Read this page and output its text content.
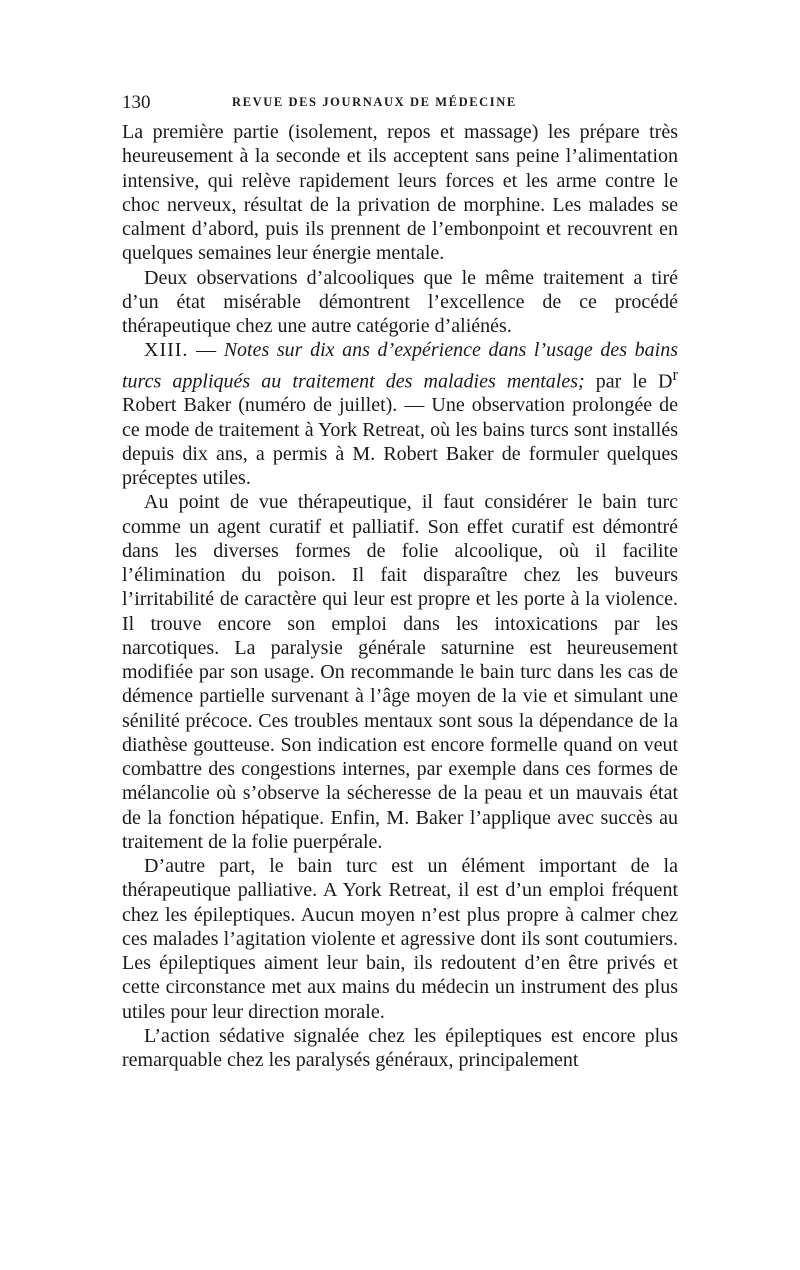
130	REVUE DES JOURNAUX DE MÉDECINE

La première partie (isolement, repos et massage) les prépare très heureusement à la seconde et ils acceptent sans peine l’alimentation intensive, qui relève rapidement leurs forces et les arme contre le choc nerveux, résultat de la privation de morphine. Les malades se calment d’abord, puis ils prennent de l’embonpoint et recouvrent en quelques semaines leur énergie mentale.

Deux observations d’alcooliques que le même traitement a tiré d’un état misérable démontrent l’excellence de ce procédé thérapeutique chez une autre catégorie d’aliénés.

XIII. — Notes sur dix ans d’expérience dans l’usage des bains turcs appliqués au traitement des maladies mentales; par le $D^r$ Robert Baker (numéro de juillet). — Une observation prolongée de ce mode de traitement à York Retreat, où les bains turcs sont installés depuis dix ans, a permis à M. Robert Baker de formuler quelques préceptes utiles.

Au point de vue thérapeutique, il faut considérer le bain turc comme un agent curatif et palliatif. Son effet curatif est démontré dans les diverses formes de folie alcoolique, où il facilite l’élimination du poison. Il fait disparaître chez les buveurs l’irritabilité de caractère qui leur est propre et les porte à la violence. Il trouve encore son emploi dans les intoxications par les narcotiques. La paralysie générale saturnine est heureusement modifiée par son usage. On recommande le bain turc dans les cas de démence partielle survenant à l’âge moyen de la vie et simulant une sénilité précoce. Ces troubles mentaux sont sous la dépendance de la diathèse goutteuse. Son indication est encore formelle quand on veut combattre des congestions internes, par exemple dans ces formes de mélancolie où s’observe la sécheresse de la peau et un mauvais état de la fonction hépatique. Enfin, M. Baker l’applique avec succès au traitement de la folie puerpérale.

D’autre part, le bain turc est un élément important de la thérapeutique palliative. A York Retreat, il est d’un emploi fréquent chez les épileptiques. Aucun moyen n’est plus propre à calmer chez ces malades l’agitation violente et agressive dont ils sont coutumiers. Les épileptiques aiment leur bain, ils redoutent d’en être privés et cette circonstance met aux mains du médecin un instrument des plus utiles pour leur direction morale.

L’action sédative signalée chez les épileptiques est encore plus remarquable chez les paralysés généraux, principalement
